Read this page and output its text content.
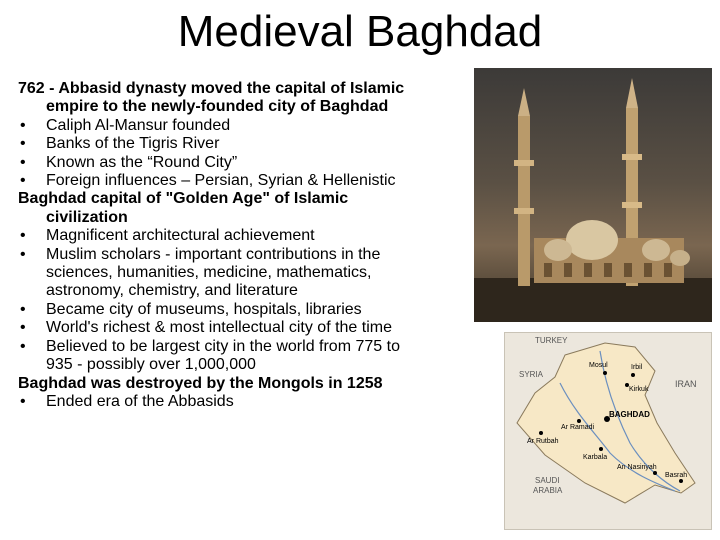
Medieval Baghdad
762 - Abbasid dynasty moved the capital of Islamic
empire to the newly-founded city of Baghdad
• Caliph Al-Mansur founded
• Banks of the Tigris River
• Known as the “Round City”
• Foreign influences – Persian, Syrian & Hellenistic
Baghdad capital of "Golden Age" of Islamic
civilization
• Magnificent architectural achievement
• Muslim scholars - important contributions in the
sciences, humanities, medicine, mathematics,
astronomy, chemistry, and literature
• Became city of museums, hospitals, libraries
• World's richest & most intellectual city of the time
• Believed to be largest city in the world from 775 to
935 - possibly over 1,000,000
Baghdad was destroyed by the Mongols in 1258
• Ended era of the Abbasids
TURKEY
SYRIA
IRAN
SAUDI
ARABIA
Mosul	Irbil
Kirkuk
BAGHDAD
Ar Ramadi
Ar Rutbah
Karbala
An Nasiriyah
Basrah
